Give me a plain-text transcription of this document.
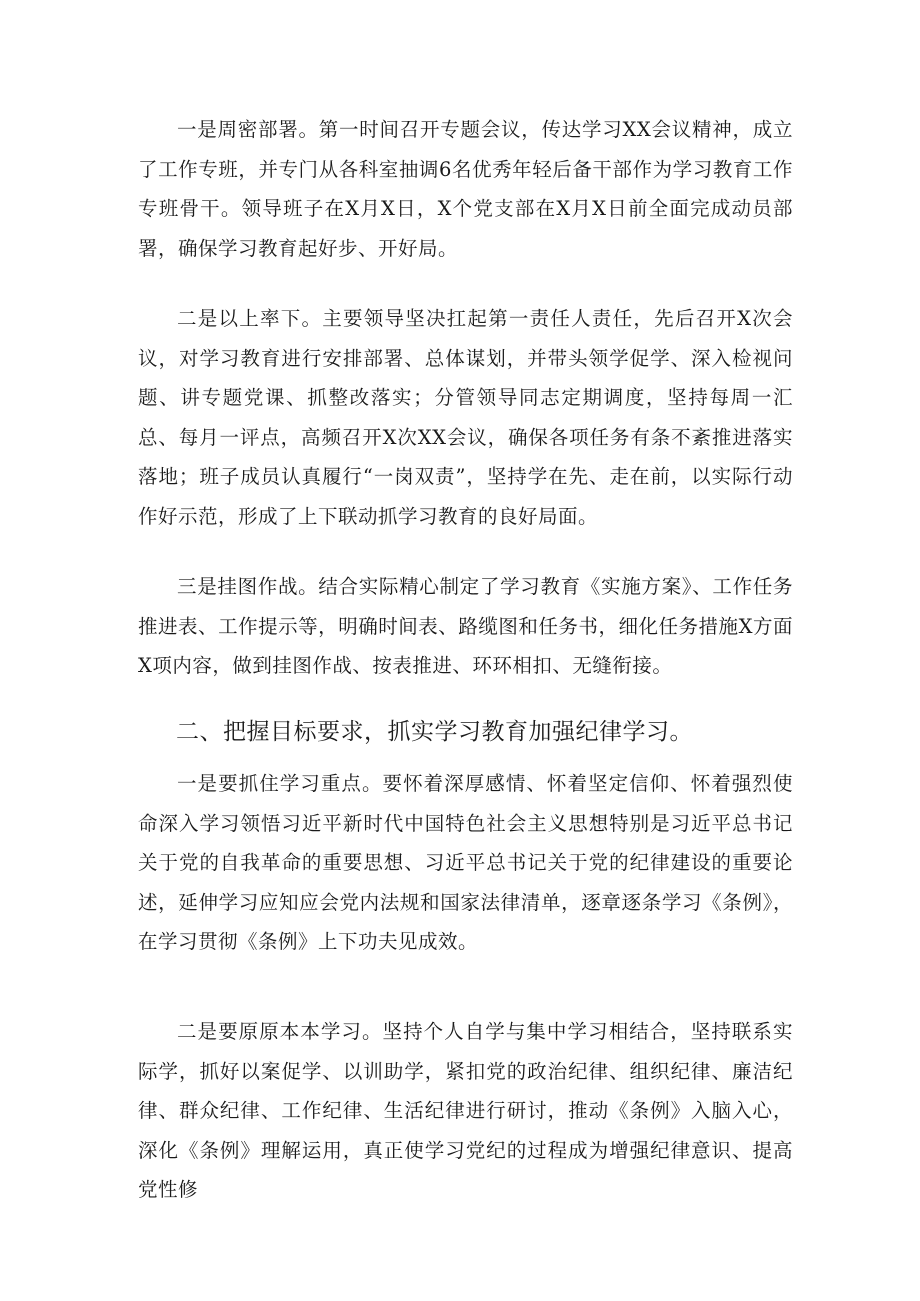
一是周密部署。第一时间召开专题会议，传达学习XX会议精神，成立了工作专班，并专门从各科室抽调6名优秀年轻后备干部作为学习教育工作专班骨干。领导班子在X月X日，X个党支部在X月X日前全面完成动员部署，确保学习教育起好步、开好局。

二是以上率下。主要领导坚决扛起第一责任人责任，先后召开X次会议，对学习教育进行安排部署、总体谋划，并带头领学促学、深入检视问题、讲专题党课、抓整改落实；分管领导同志定期调度，坚持每周一汇总、每月一评点，高频召开X次XX会议，确保各项任务有条不紊推进落实落地；班子成员认真履行“一岗双责”，坚持学在先、走在前，以实际行动作好示范，形成了上下联动抓学习教育的良好局面。

三是挂图作战。结合实际精心制定了学习教育《实施方案》、工作任务推进表、工作提示等，明确时间表、路缆图和任务书，细化任务措施X方面X项内容，做到挂图作战、按表推进、环环相扣、无缝衔接。

二、把握目标要求，抓实学习教育加强纪律学习。

一是要抓住学习重点。要怀着深厚感情、怀着坚定信仰、怀着强烈使命深入学习领悟习近平新时代中国特色社会主义思想特别是习近平总书记关于党的自我革命的重要思想、习近平总书记关于党的纪律建设的重要论述，延伸学习应知应会党内法规和国家法律清单，逐章逐条学习《条例》，在学习贯彻《条例》上下功夫见成效。

二是要原原本本学习。坚持个人自学与集中学习相结合，坚持联系实际学，抓好以案促学、以训助学，紧扣党的政治纪律、组织纪律、廉洁纪律、群众纪律、工作纪律、生活纪律进行研讨，推动《条例》入脑入心，深化《条例》理解运用，真正使学习党纪的过程成为增强纪律意识、提高党性修
